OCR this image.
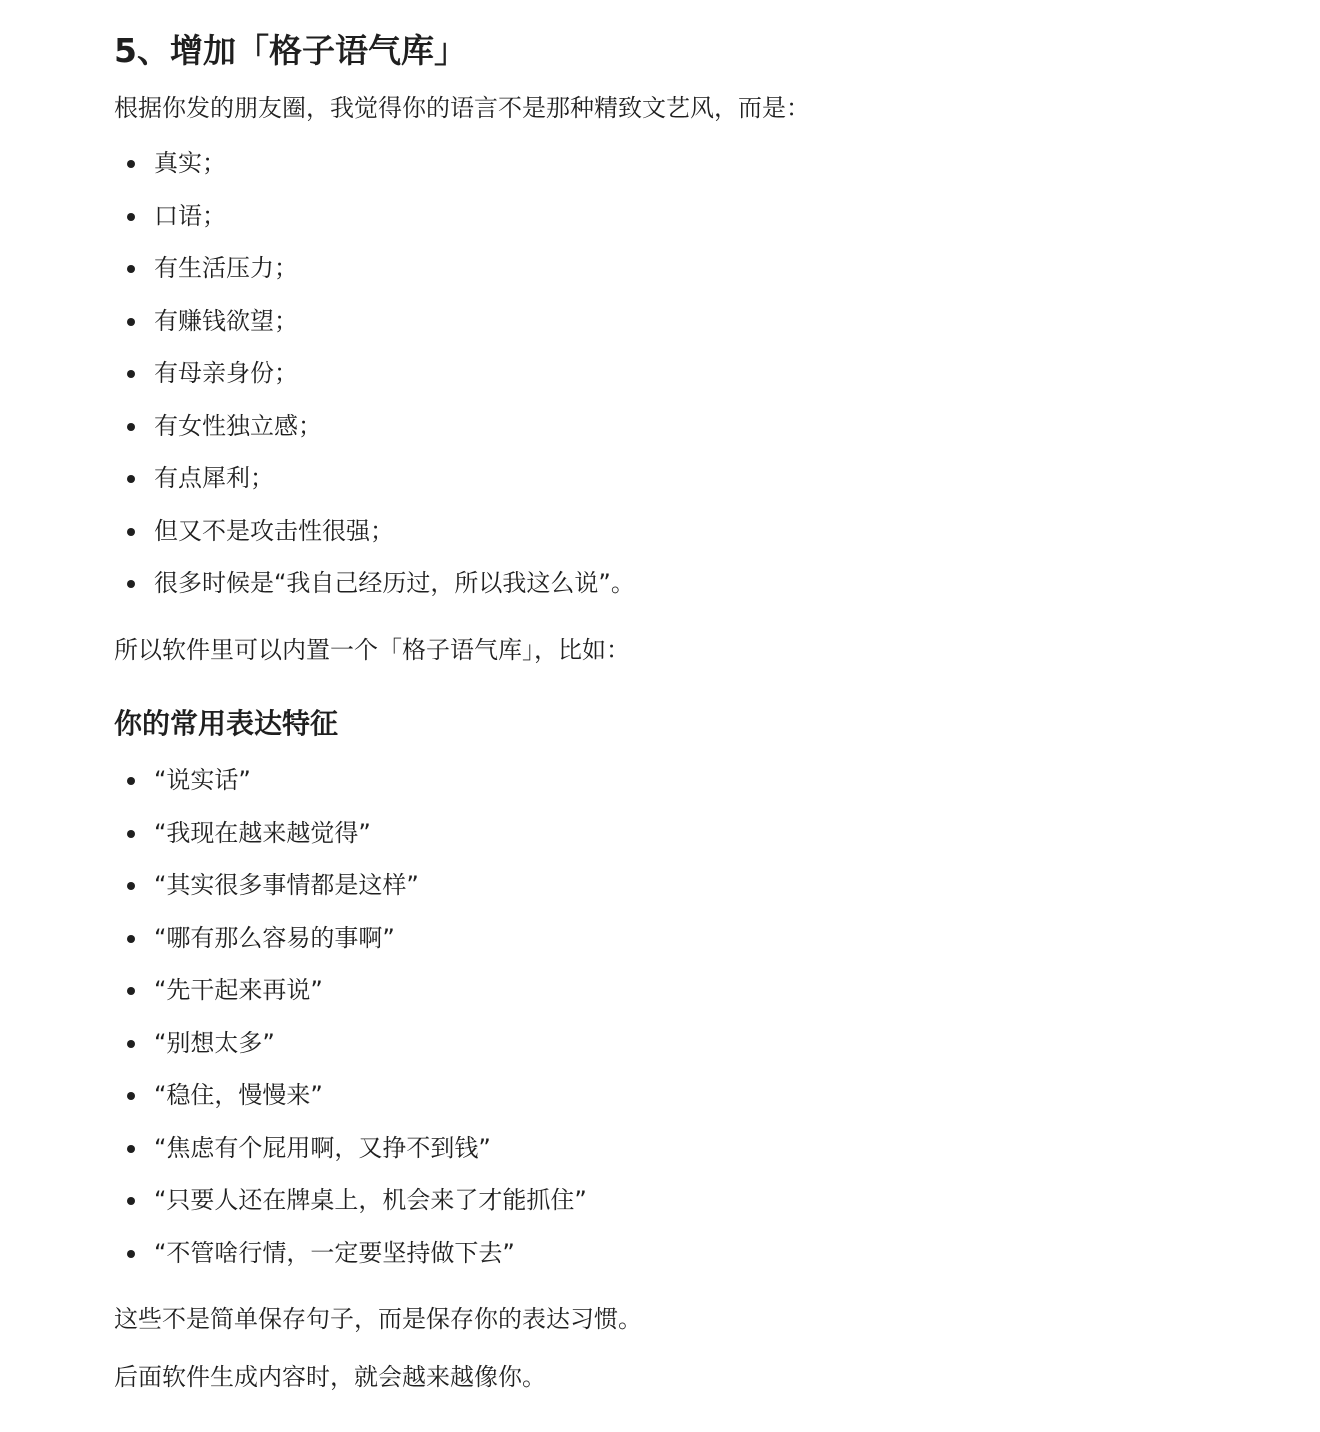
5、增加「格子语气库」

根据你发的朋友圈，我觉得你的语言不是那种精致文艺风，而是：

真实；
口语；
有生活压力；
有赚钱欲望；
有母亲身份；
有女性独立感；
有点犀利；
但又不是攻击性很强；
很多时候是“我自己经历过，所以我这么说”。

所以软件里可以内置一个「格子语气库」，比如：

你的常用表达特征
“说实话”
“我现在越来越觉得”
“其实很多事情都是这样”
“哪有那么容易的事啊”
“先干起来再说”
“别想太多”
“稳住，慢慢来”
“焦虑有个屁用啊，又挣不到钱”
“只要人还在牌桌上，机会来了才能抓住”
“不管啥行情，一定要坚持做下去”

这些不是简单保存句子，而是保存你的表达习惯。

后面软件生成内容时，就会越来越像你。
